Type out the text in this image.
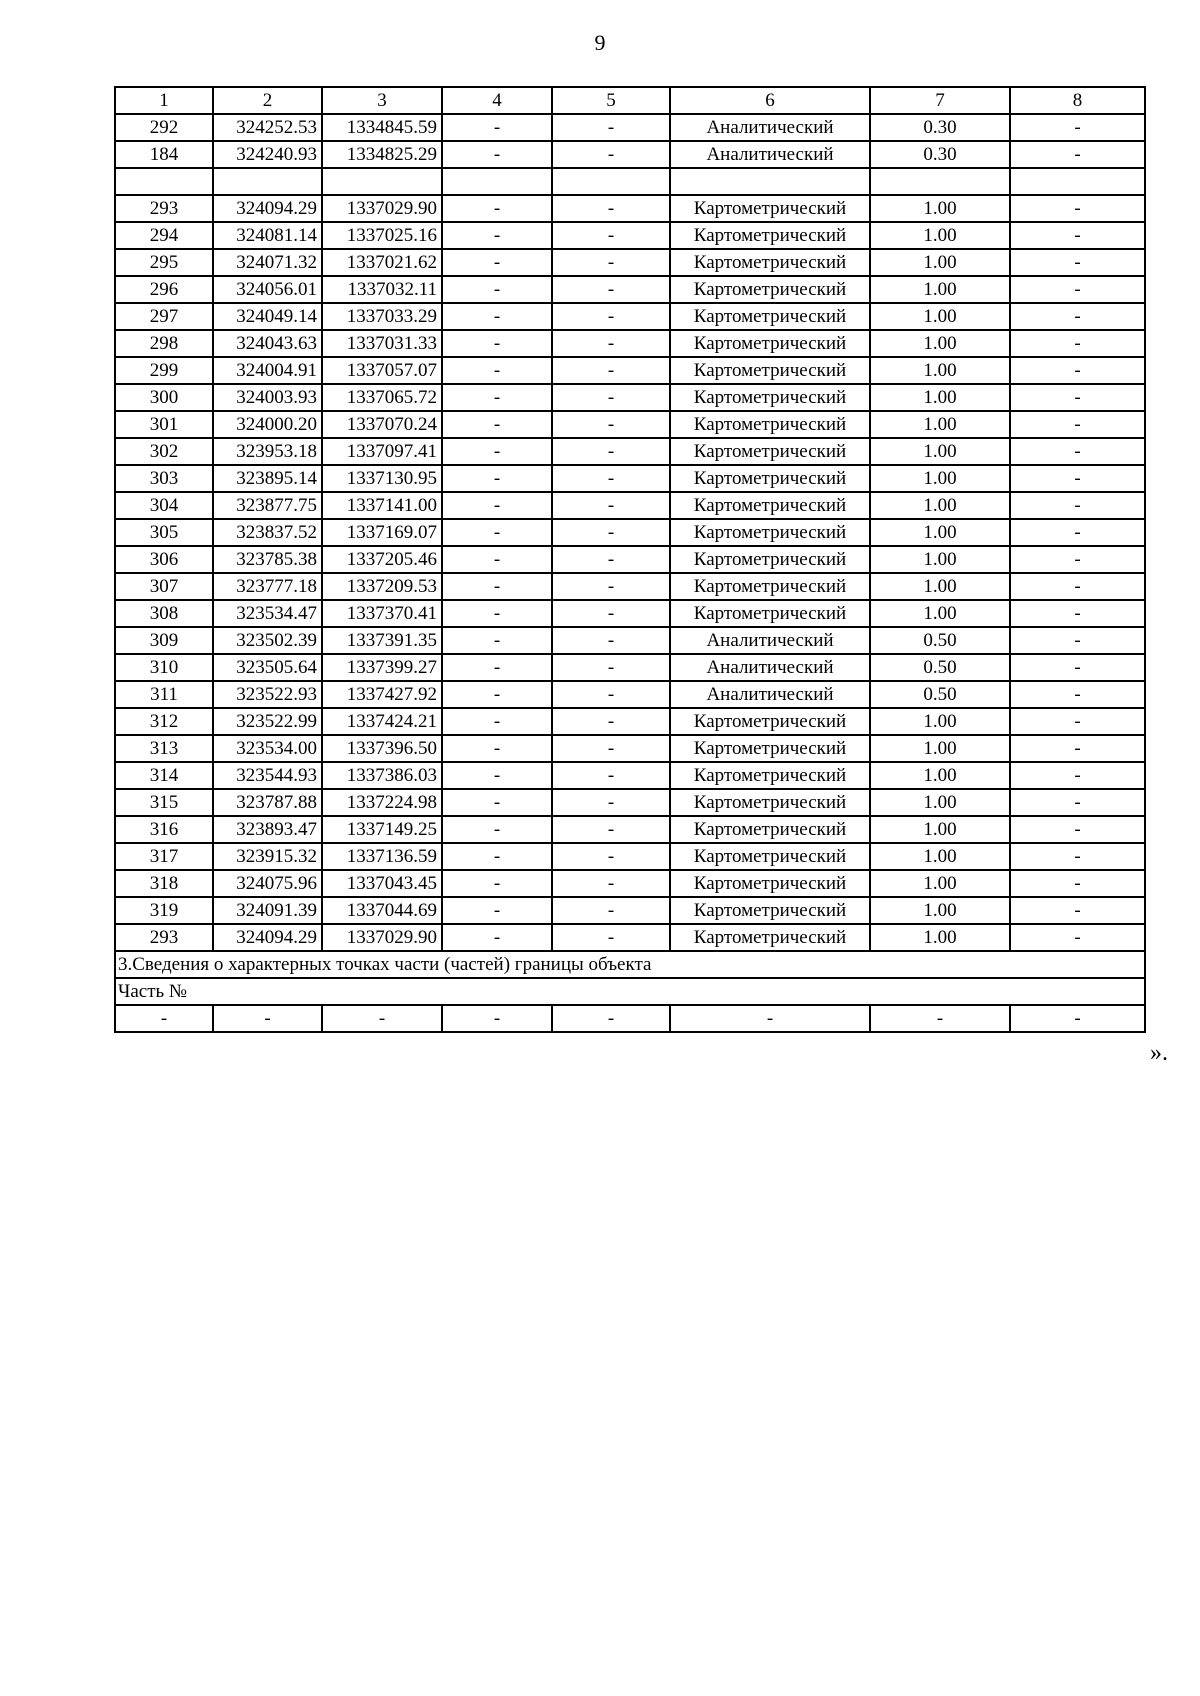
9
1	2	3	4	5	6	7	8
292	324252.53	1334845.59	-	-	Аналитический	0.30	-
184	324240.93	1334825.29	-	-	Аналитический	0.30	-

293	324094.29	1337029.90	-	-	Картометрический	1.00	-
294	324081.14	1337025.16	-	-	Картометрический	1.00	-
295	324071.32	1337021.62	-	-	Картометрический	1.00	-
296	324056.01	1337032.11	-	-	Картометрический	1.00	-
297	324049.14	1337033.29	-	-	Картометрический	1.00	-
298	324043.63	1337031.33	-	-	Картометрический	1.00	-
299	324004.91	1337057.07	-	-	Картометрический	1.00	-
300	324003.93	1337065.72	-	-	Картометрический	1.00	-
301	324000.20	1337070.24	-	-	Картометрический	1.00	-
302	323953.18	1337097.41	-	-	Картометрический	1.00	-
303	323895.14	1337130.95	-	-	Картометрический	1.00	-
304	323877.75	1337141.00	-	-	Картометрический	1.00	-
305	323837.52	1337169.07	-	-	Картометрический	1.00	-
306	323785.38	1337205.46	-	-	Картометрический	1.00	-
307	323777.18	1337209.53	-	-	Картометрический	1.00	-
308	323534.47	1337370.41	-	-	Картометрический	1.00	-
309	323502.39	1337391.35	-	-	Аналитический	0.50	-
310	323505.64	1337399.27	-	-	Аналитический	0.50	-
311	323522.93	1337427.92	-	-	Аналитический	0.50	-
312	323522.99	1337424.21	-	-	Картометрический	1.00	-
313	323534.00	1337396.50	-	-	Картометрический	1.00	-
314	323544.93	1337386.03	-	-	Картометрический	1.00	-
315	323787.88	1337224.98	-	-	Картометрический	1.00	-
316	323893.47	1337149.25	-	-	Картометрический	1.00	-
317	323915.32	1337136.59	-	-	Картометрический	1.00	-
318	324075.96	1337043.45	-	-	Картометрический	1.00	-
319	324091.39	1337044.69	-	-	Картометрический	1.00	-
293	324094.29	1337029.90	-	-	Картометрический	1.00	-
3.Сведения о характерных точках части (частей) границы объекта							
Часть №							
-	-	-	-	-	-	-	-
».
